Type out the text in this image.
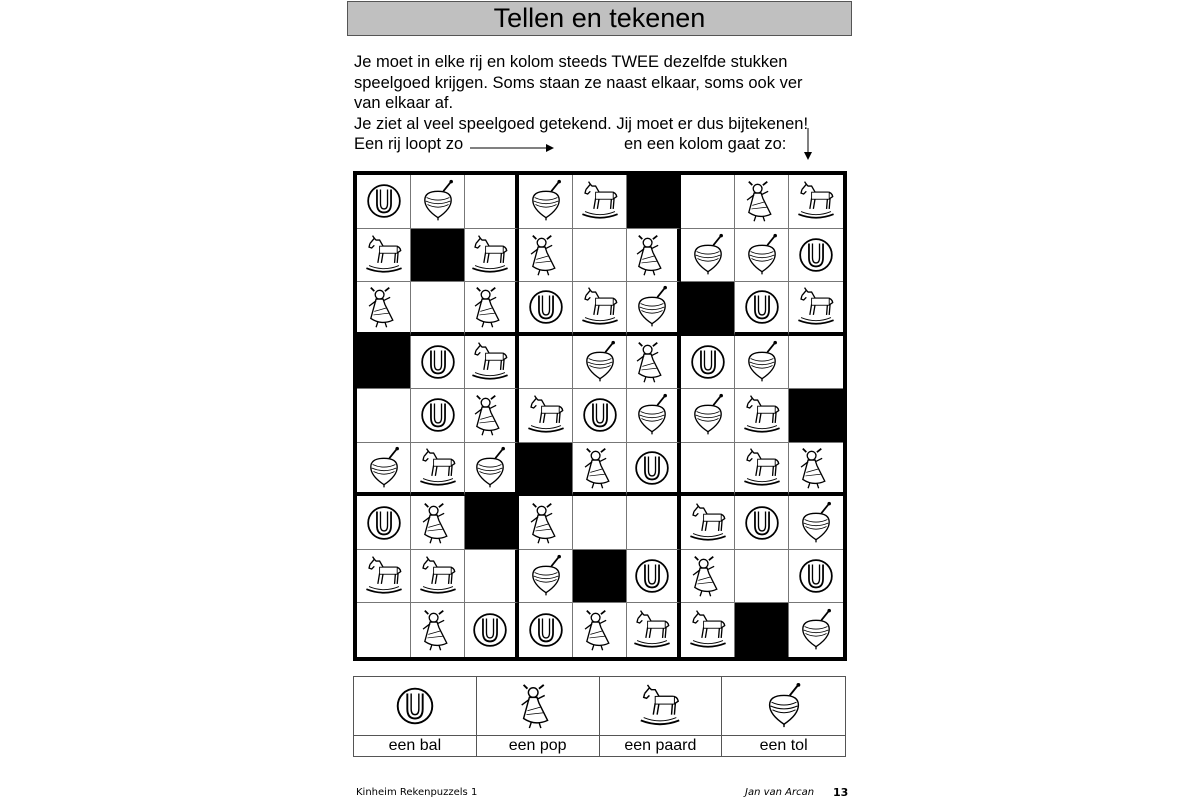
Tellen en tekenen

Je moet in elke rij en kolom steeds TWEE dezelfde stukken

speelgoed krijgen. Soms staan ze naast elkaar, soms ook ver

van elkaar af.

Je ziet al veel speelgoed getekend. Jij moet er dus bijtekenen!

Een rij loopt zo	en een kolom gaat zo:
een bal	een pop	een paard	een tol
Kinheim Rekenpuzzels 1	Jan van Arcan 13
